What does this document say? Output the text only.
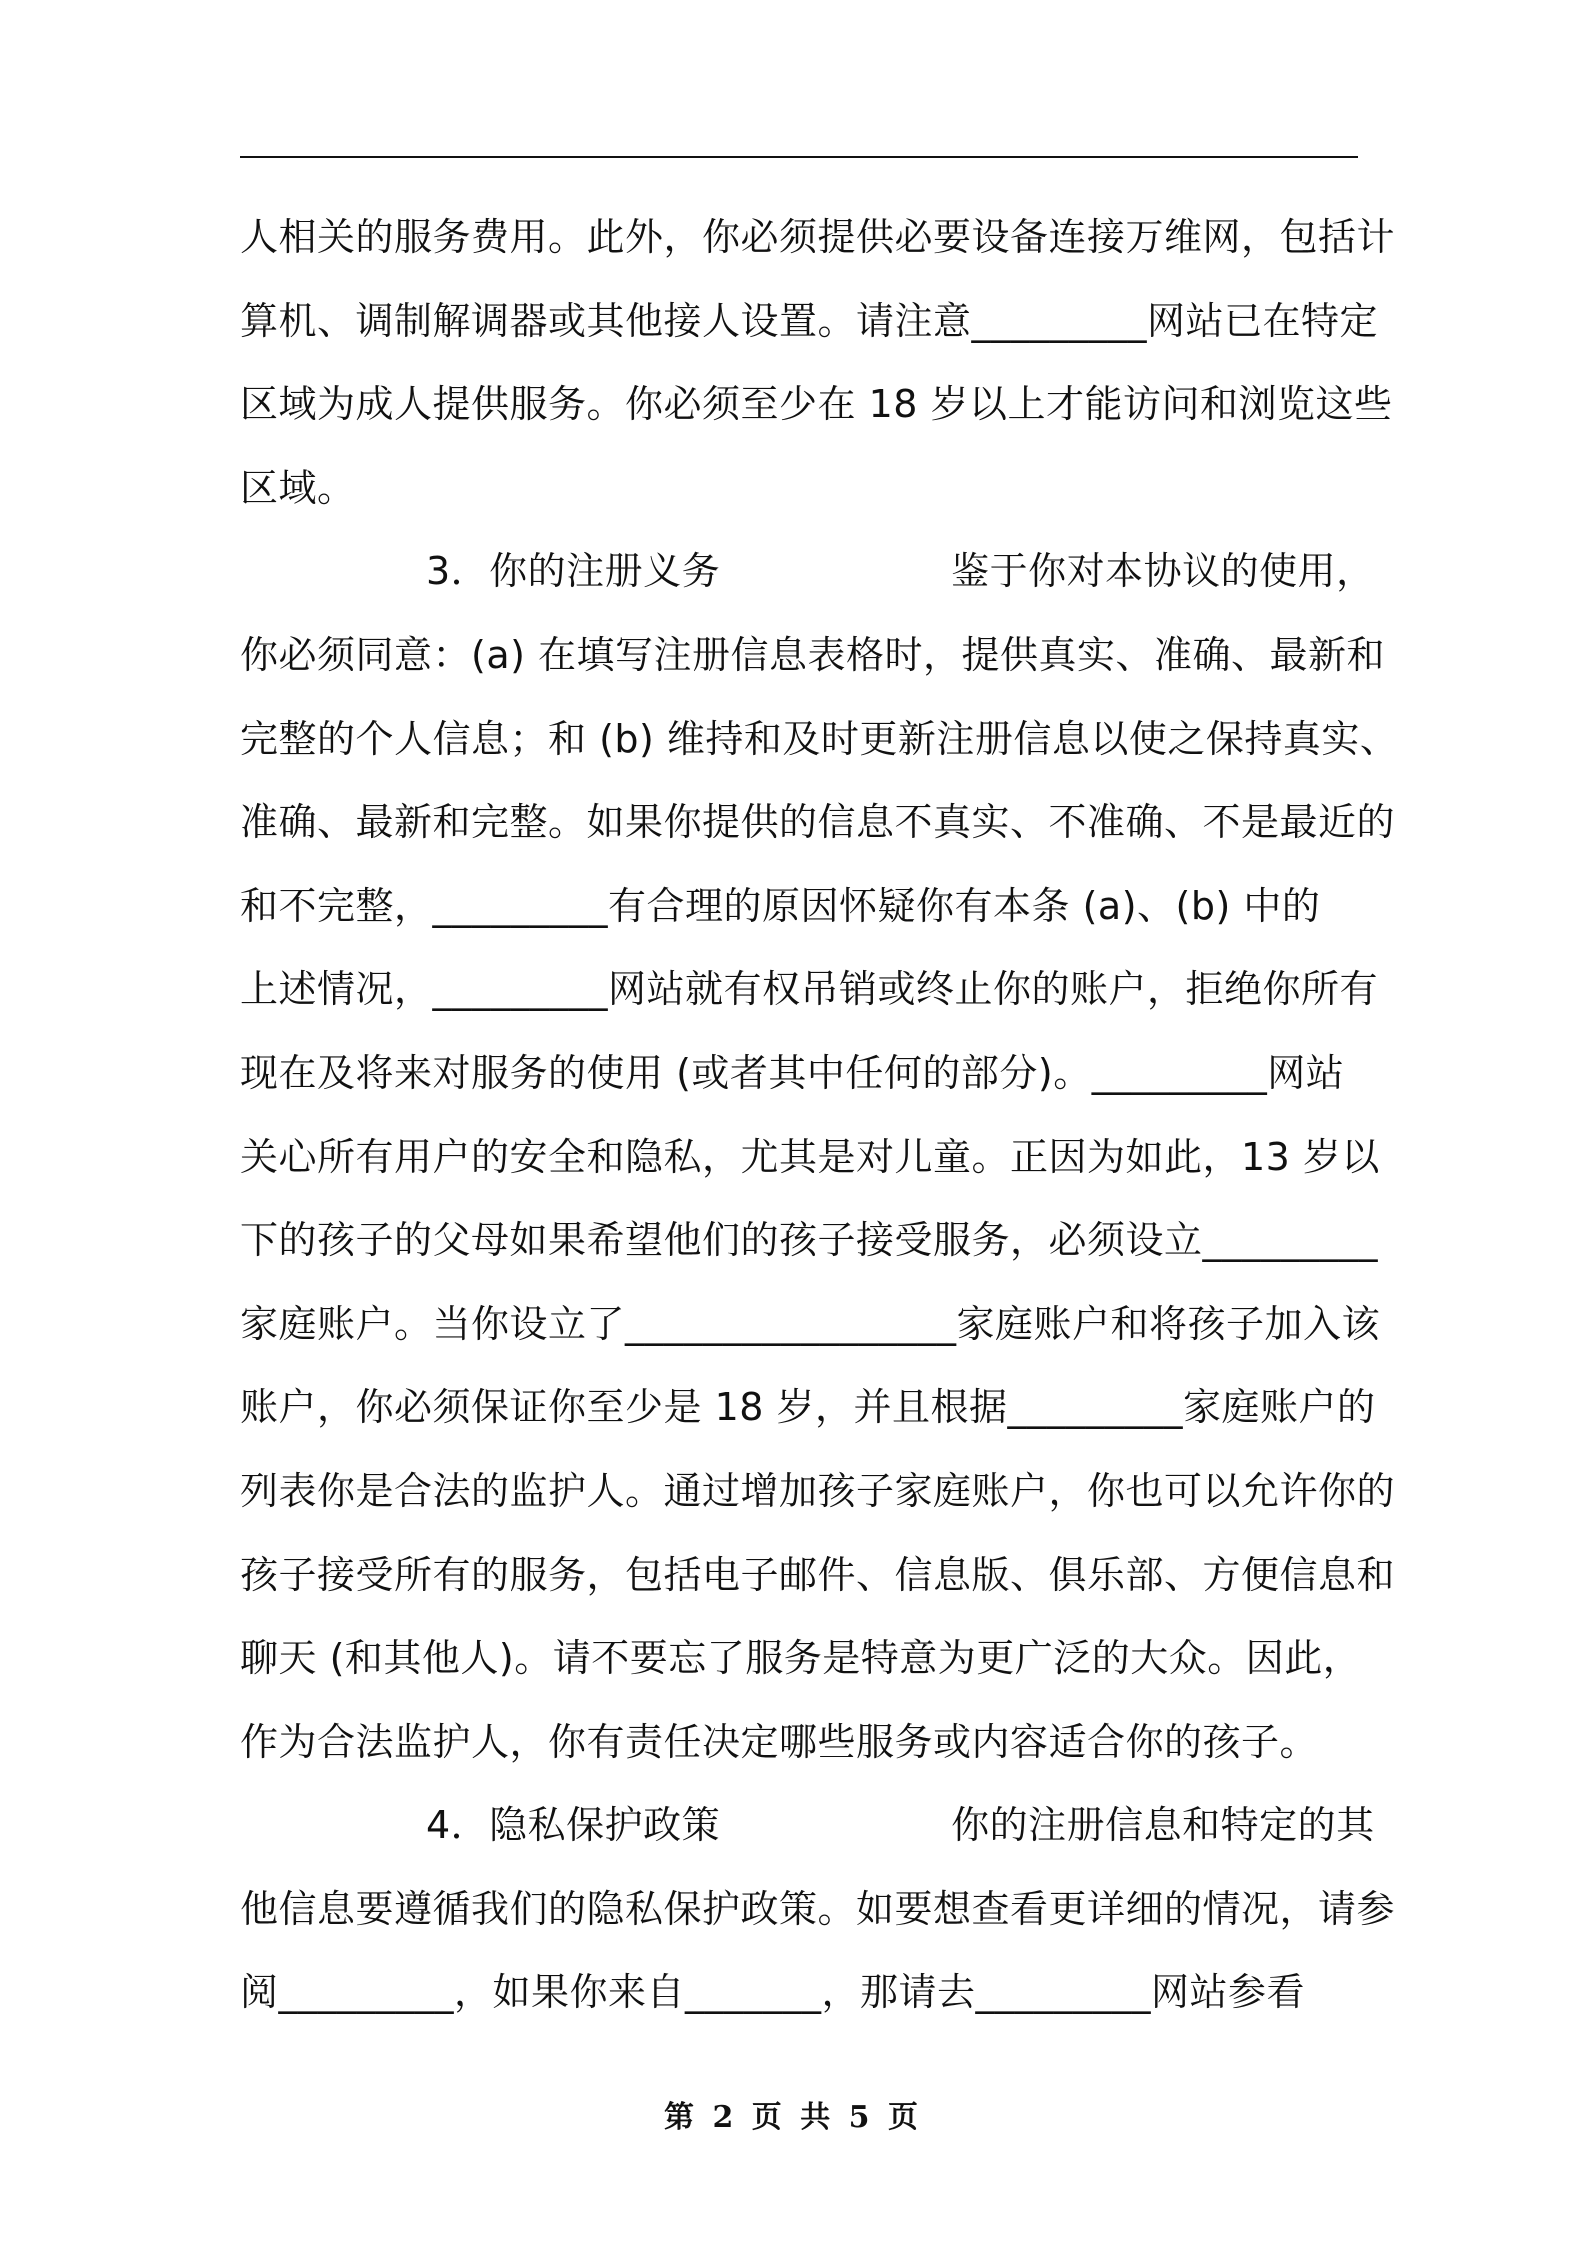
人相关的服务费用。此外，你必须提供必要设备连接万维网，包括计
算机、调制解调器或其他接人设置。请注意_________网站已在特定
区域为成人提供服务。你必须至少在 18 岁以上才能访问和浏览这些
区域。
3．你的注册义务　　　　　　鉴于你对本协议的使用，
你必须同意：(a) 在填写注册信息表格时，提供真实、准确、最新和
完整的个人信息；和 (b) 维持和及时更新注册信息以使之保持真实、
准确、最新和完整。如果你提供的信息不真实、不准确、不是最近的
和不完整，_________有合理的原因怀疑你有本条 (a)、(b) 中的
上述情况，_________网站就有权吊销或终止你的账户，拒绝你所有
现在及将来对服务的使用 (或者其中任何的部分)。_________网站
关心所有用户的安全和隐私，尤其是对儿童。正因为如此，13 岁以
下的孩子的父母如果希望他们的孩子接受服务，必须设立_________
家庭账户。当你设立了_________________家庭账户和将孩子加入该
账户，你必须保证你至少是 18 岁，并且根据_________家庭账户的
列表你是合法的监护人。通过增加孩子家庭账户，你也可以允许你的
孩子接受所有的服务，包括电子邮件、信息版、俱乐部、方便信息和
聊天 (和其他人)。请不要忘了服务是特意为更广泛的大众。因此，
作为合法监护人，你有责任决定哪些服务或内容适合你的孩子。
4．隐私保护政策　　　　　　你的注册信息和特定的其
他信息要遵循我们的隐私保护政策。如要想查看更详细的情况，请参
阅_________，如果你来自_______，那请去_________网站参看
第 2 页 共 5 页
